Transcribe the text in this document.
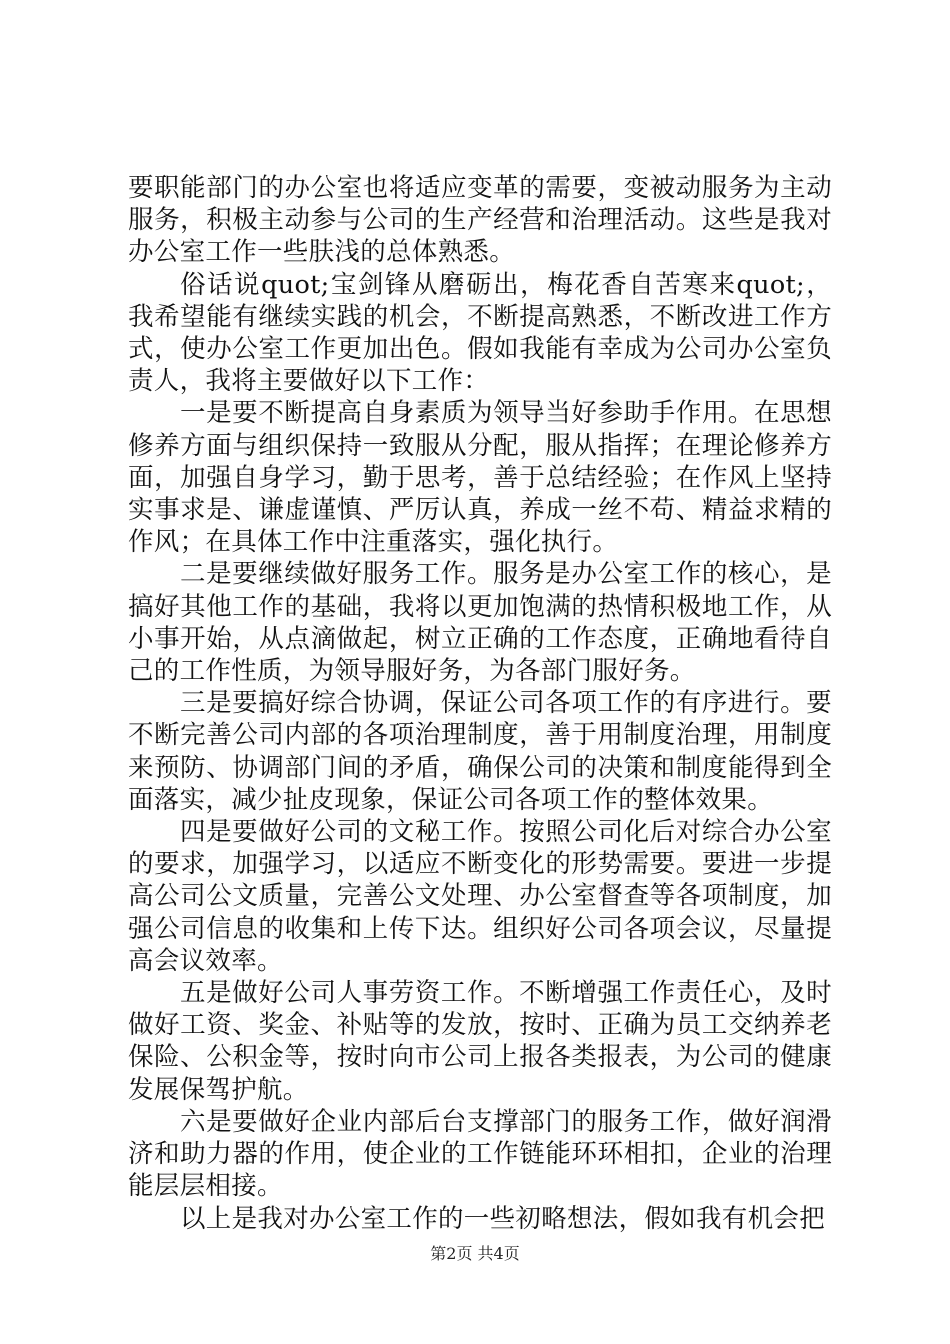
要职能部门的办公室也将适应变革的需要，变被动服务为主动服务，积极主动参与公司的生产经营和治理活动。这些是我对办公室工作一些肤浅的总体熟悉。

俗话说quot;宝剑锋从磨砺出，梅花香自苦寒来quot;，我希望能有继续实践的机会，不断提高熟悉，不断改进工作方式，使办公室工作更加出色。假如我能有幸成为公司办公室负责人，我将主要做好以下工作：

一是要不断提高自身素质为领导当好参助手作用。在思想修养方面与组织保持一致服从分配，服从指挥；在理论修养方面，加强自身学习，勤于思考，善于总结经验；在作风上坚持实事求是、谦虚谨慎、严厉认真，养成一丝不苟、精益求精的作风；在具体工作中注重落实，强化执行。

二是要继续做好服务工作。服务是办公室工作的核心，是搞好其他工作的基础，我将以更加饱满的热情积极地工作，从小事开始，从点滴做起，树立正确的工作态度，正确地看待自己的工作性质，为领导服好务，为各部门服好务。

三是要搞好综合协调，保证公司各项工作的有序进行。要不断完善公司内部的各项治理制度，善于用制度治理，用制度来预防、协调部门间的矛盾，确保公司的决策和制度能得到全面落实，减少扯皮现象，保证公司各项工作的整体效果。

四是要做好公司的文秘工作。按照公司化后对综合办公室的要求，加强学习，以适应不断变化的形势需要。要进一步提高公司公文质量，完善公文处理、办公室督查等各项制度，加强公司信息的收集和上传下达。组织好公司各项会议，尽量提高会议效率。

五是做好公司人事劳资工作。不断增强工作责任心，及时做好工资、奖金、补贴等的发放，按时、正确为员工交纳养老保险、公积金等，按时向市公司上报各类报表，为公司的健康发展保驾护航。

六是要做好企业内部后台支撑部门的服务工作，做好润滑济和助力器的作用，使企业的工作链能环环相扣，企业的治理能层层相接。

以上是我对办公室工作的一些初略想法，假如我有机会把

第2页 共4页
